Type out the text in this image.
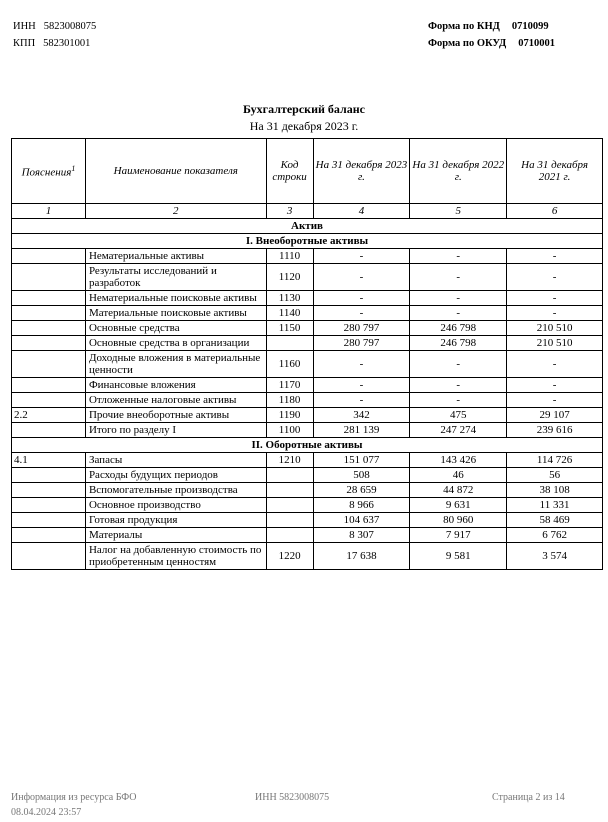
ИНН 5823008075
КПП 582301001
Форма по КНД 0710099
Форма по ОКУД 0710001
Бухгалтерский баланс
На 31 декабря 2023 г.
Пояснения$^1$	Наименование показателя	Код строки	На 31 декабря 2023 г.	На 31 декабря 2022 г.	На 31 декабря 2021 г.
1	2	3	4	5	6
Актив					
I. Внеоборотные активы					
	Нематериальные активы	1110	-	-	-
	Результаты исследований и разработок	1120	-	-	-
	Нематериальные поисковые активы	1130	-	-	-
	Материальные поисковые активы	1140	-	-	-
	Основные средства	1150	280 797	246 798	210 510
	Основные средства в организации		280 797	246 798	210 510
	Доходные вложения в материальные ценности	1160	-	-	-
	Финансовые вложения	1170	-	-	-
	Отложенные налоговые активы	1180	-	-	-
2.2	Прочие внеоборотные активы	1190	342	475	29 107
	Итого по разделу I	1100	281 139	247 274	239 616
II. Оборотные активы					
4.1	Запасы	1210	151 077	143 426	114 726
	Расходы будущих периодов		508	46	56
	Вспомогательные производства		28 659	44 872	38 108
	Основное производство		8 966	9 631	11 331
	Готовая продукция		104 637	80 960	58 469
	Материалы		8 307	7 917	6 762
	Налог на добавленную стоимость по приобретенным ценностям	1220	17 638	9 581	3 574
Информация из ресурса БФО
08.04.2024 23:57
ИНН 5823008075	Страница 2 из 14
